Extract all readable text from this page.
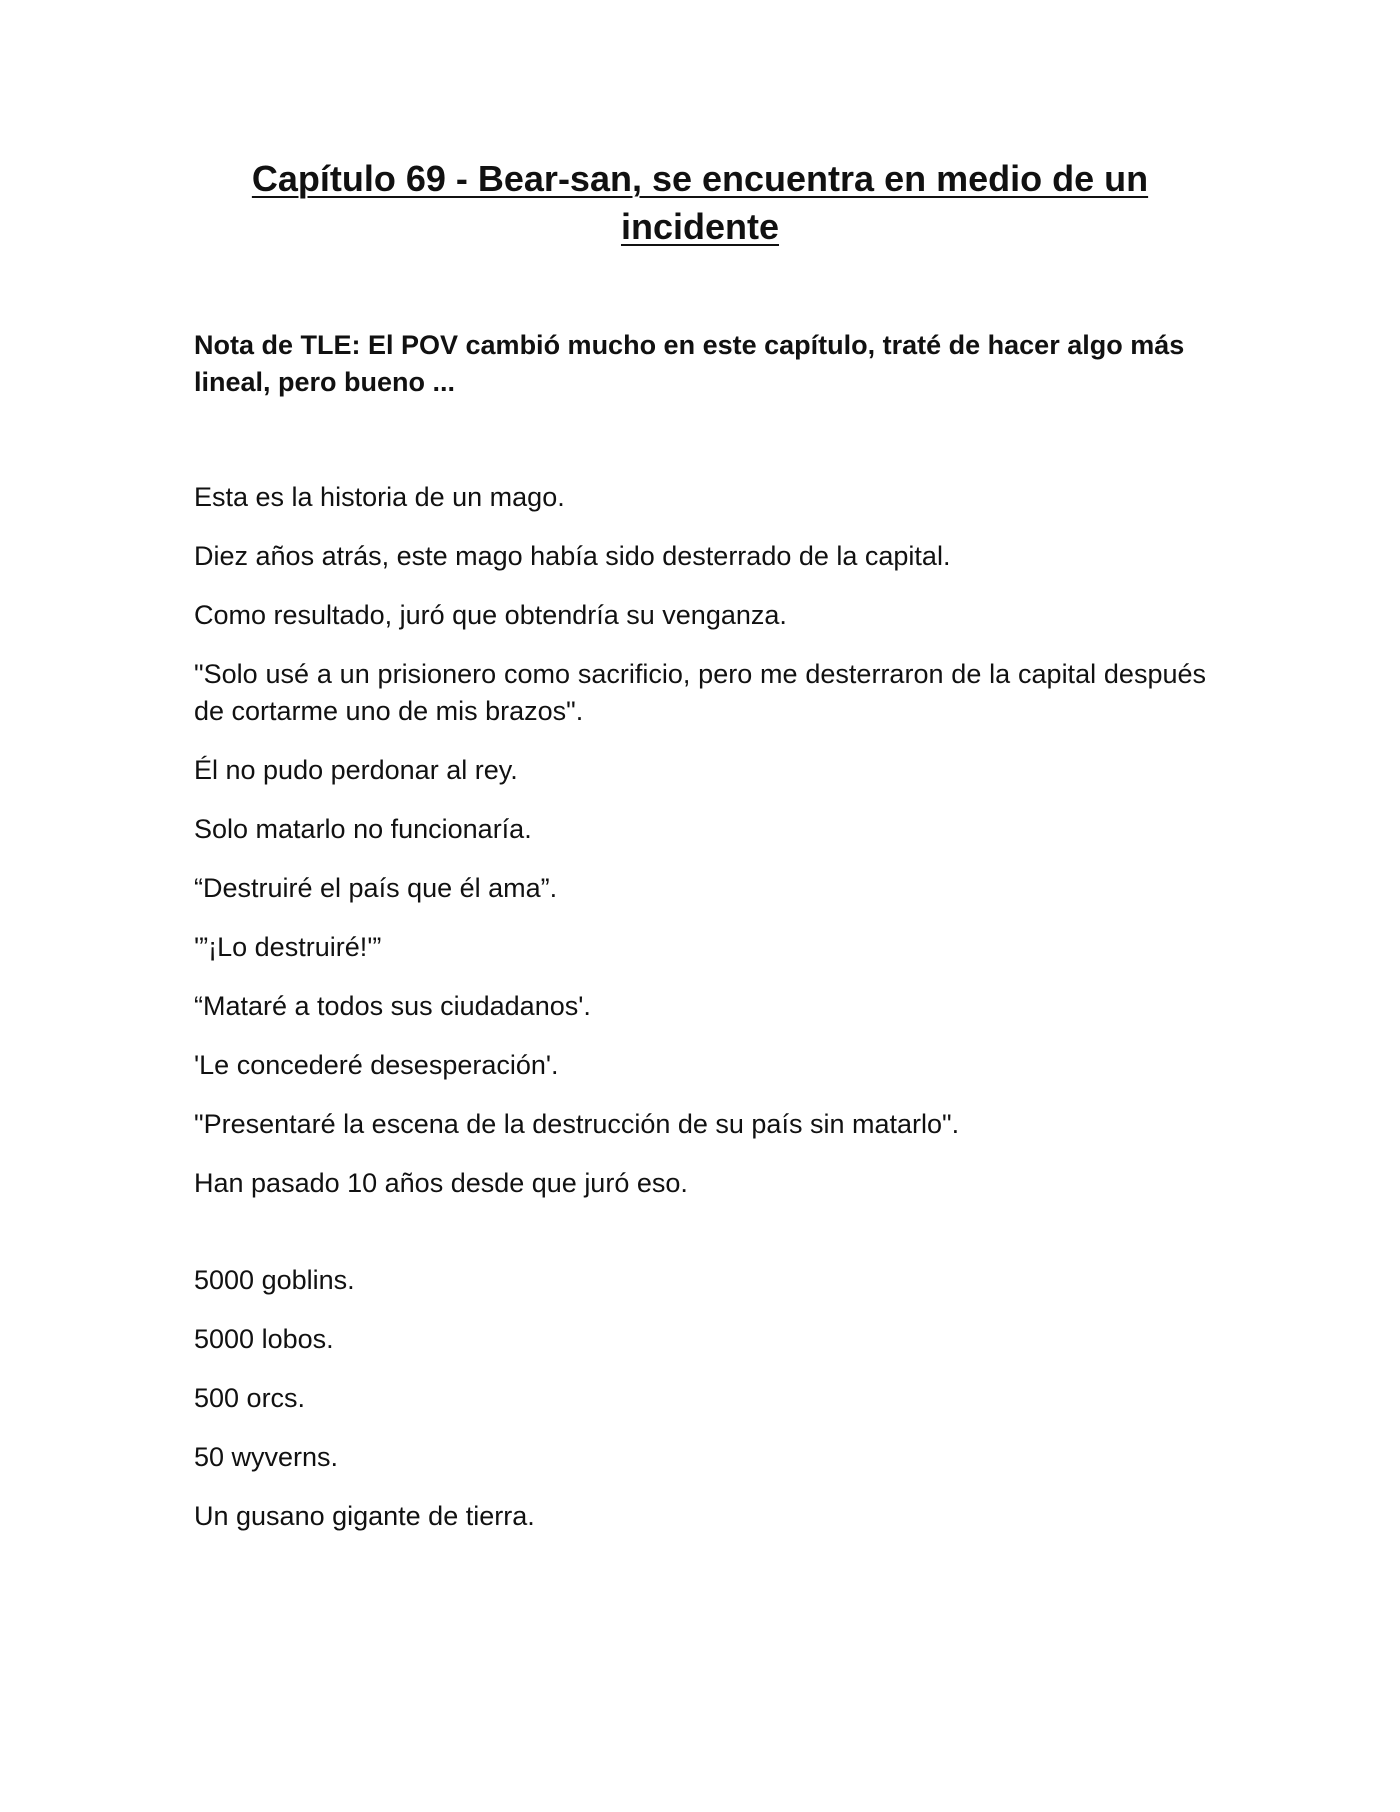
Capítulo 69 - Bear-san, se encuentra en medio de un incidente

Nota de TLE: El POV cambió mucho en este capítulo, traté de hacer algo más lineal, pero bueno ...

Esta es la historia de un mago.

Diez años atrás, este mago había sido desterrado de la capital.

Como resultado, juró que obtendría su venganza.

"Solo usé a un prisionero como sacrificio, pero me desterraron de la capital después de cortarme uno de mis brazos".

Él no pudo perdonar al rey.

Solo matarlo no funcionaría.

“Destruiré el país que él ama”.

'”¡Lo destruiré!'”

“Mataré a todos sus ciudadanos'.

'Le concederé desesperación'.

"Presentaré la escena de la destrucción de su país sin matarlo".

Han pasado 10 años desde que juró eso.

5000 goblins.

5000 lobos.

500 orcs.

50 wyverns.

Un gusano gigante de tierra.
